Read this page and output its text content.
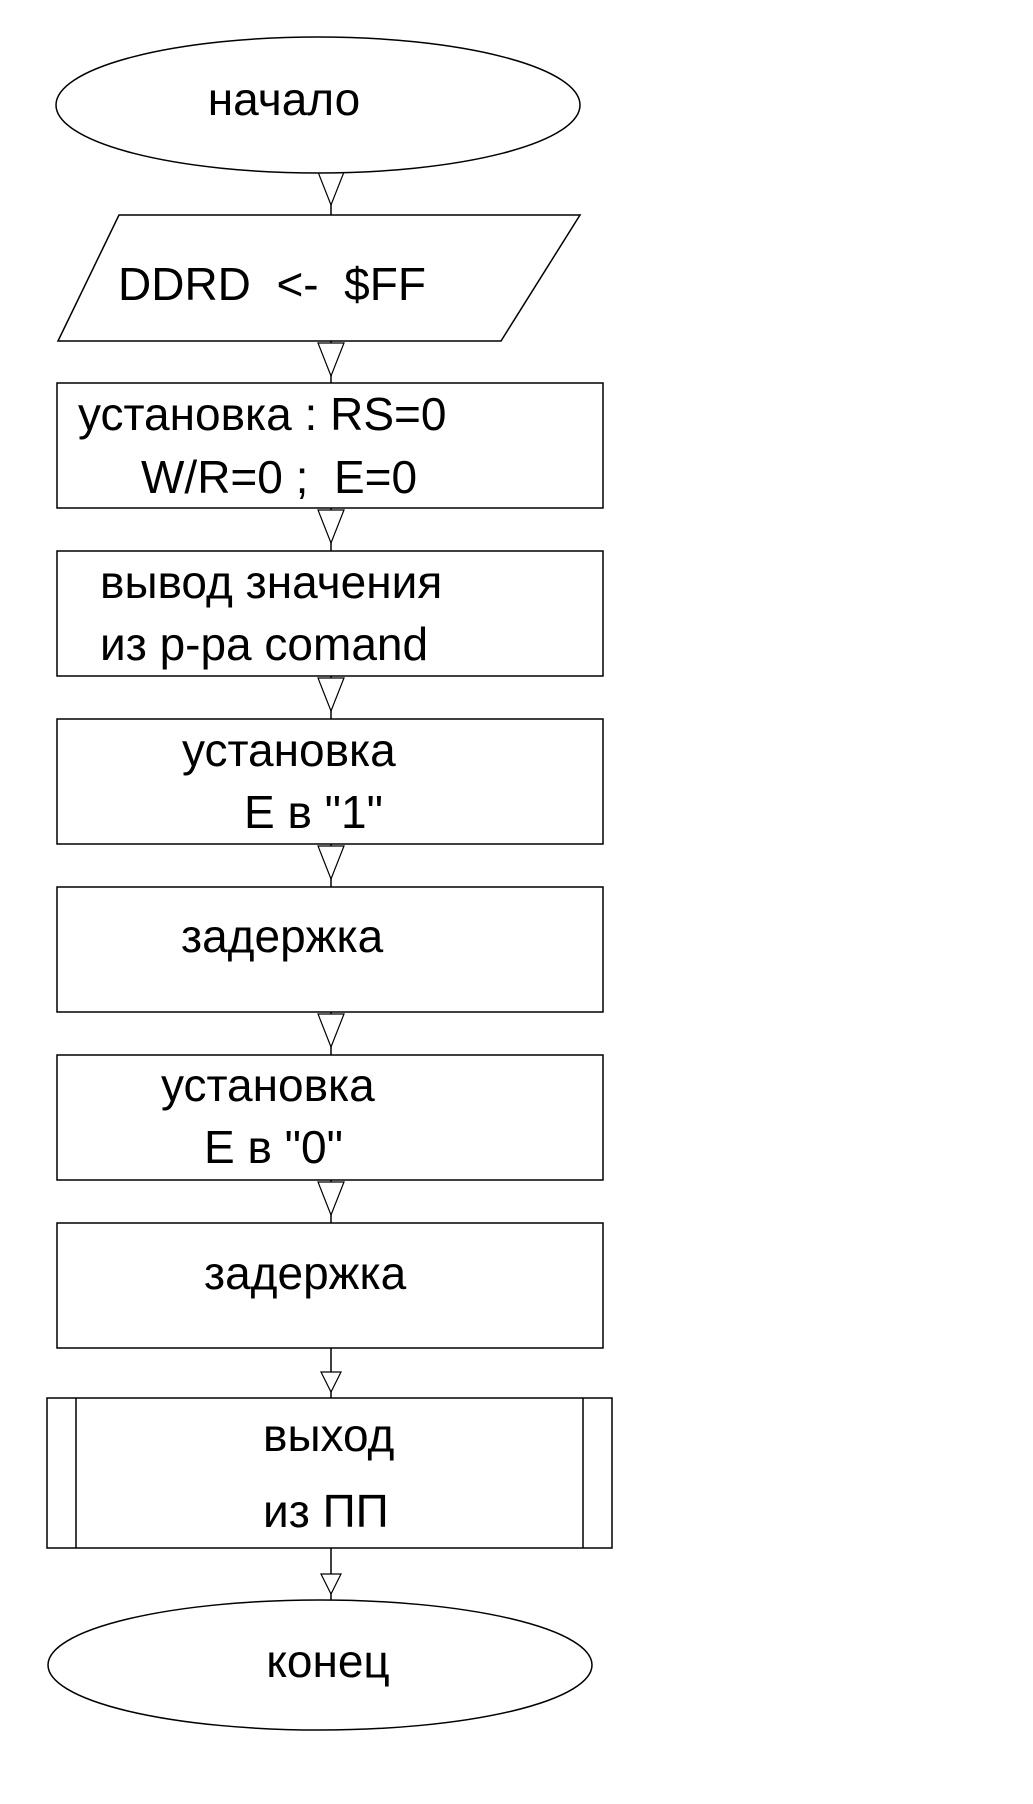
начало
DDRD  <-  $FF
установка : RS=0
W/R=0 ;  E=0
вывод значения
из р-ра comand
установка
E в "1"
задержка
установка
E в "0"
задержка
выход
из ПП
конец
